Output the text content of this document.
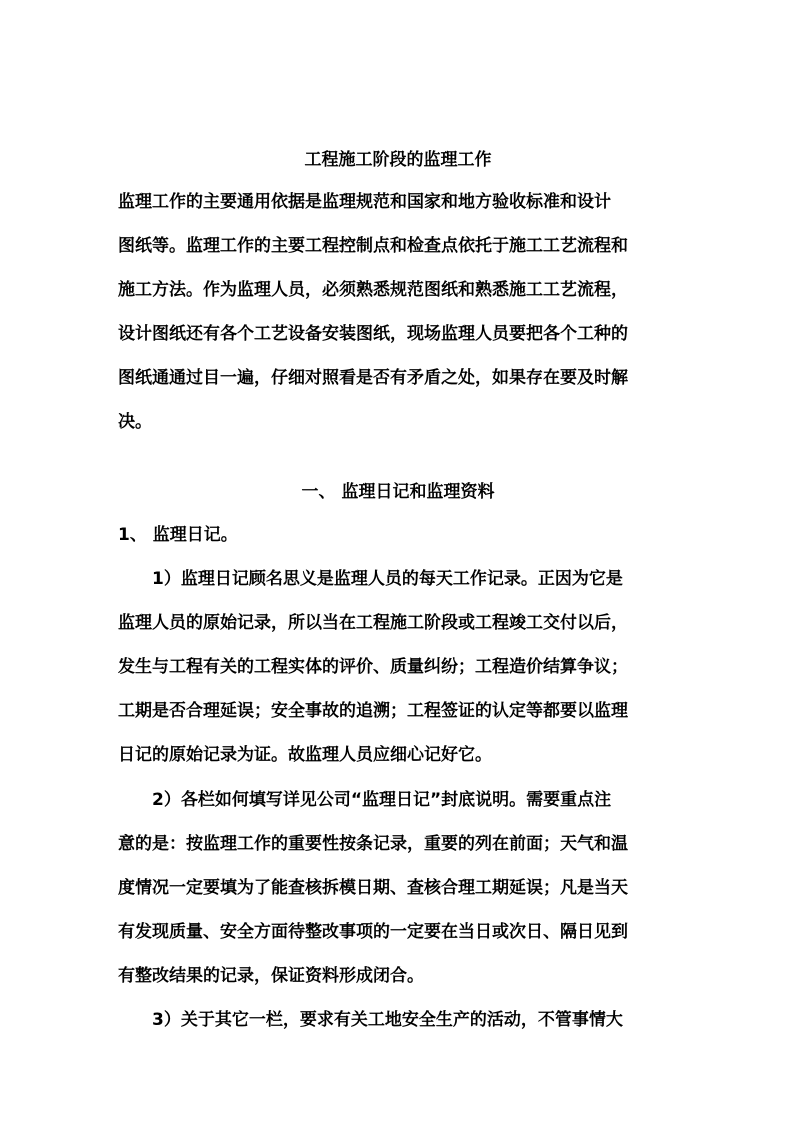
工程施工阶段的监理工作
监理工作的主要通用依据是监理规范和国家和地方验收标准和设计
图纸等。监理工作的主要工程控制点和检查点依托于施工工艺流程和
施工方法。作为监理人员，必须熟悉规范图纸和熟悉施工工艺流程，
设计图纸还有各个工艺设备安装图纸，现场监理人员要把各个工种的
图纸通通过目一遍，仔细对照看是否有矛盾之处，如果存在要及时解
决。
一、 监理日记和监理资料
1、 监理日记。
1）监理日记顾名思义是监理人员的每天工作记录。正因为它是
监理人员的原始记录，所以当在工程施工阶段或工程竣工交付以后，
发生与工程有关的工程实体的评价、质量纠纷；工程造价结算争议；
工期是否合理延误；安全事故的追溯；工程签证的认定等都要以监理
日记的原始记录为证。故监理人员应细心记好它。
2）各栏如何填写详见公司“监理日记”封底说明。需要重点注
意的是：按监理工作的重要性按条记录，重要的列在前面；天气和温
度情况一定要填为了能查核拆模日期、查核合理工期延误；凡是当天
有发现质量、安全方面待整改事项的一定要在当日或次日、隔日见到
有整改结果的记录，保证资料形成闭合。
3）关于其它一栏，要求有关工地安全生产的活动，不管事情大
